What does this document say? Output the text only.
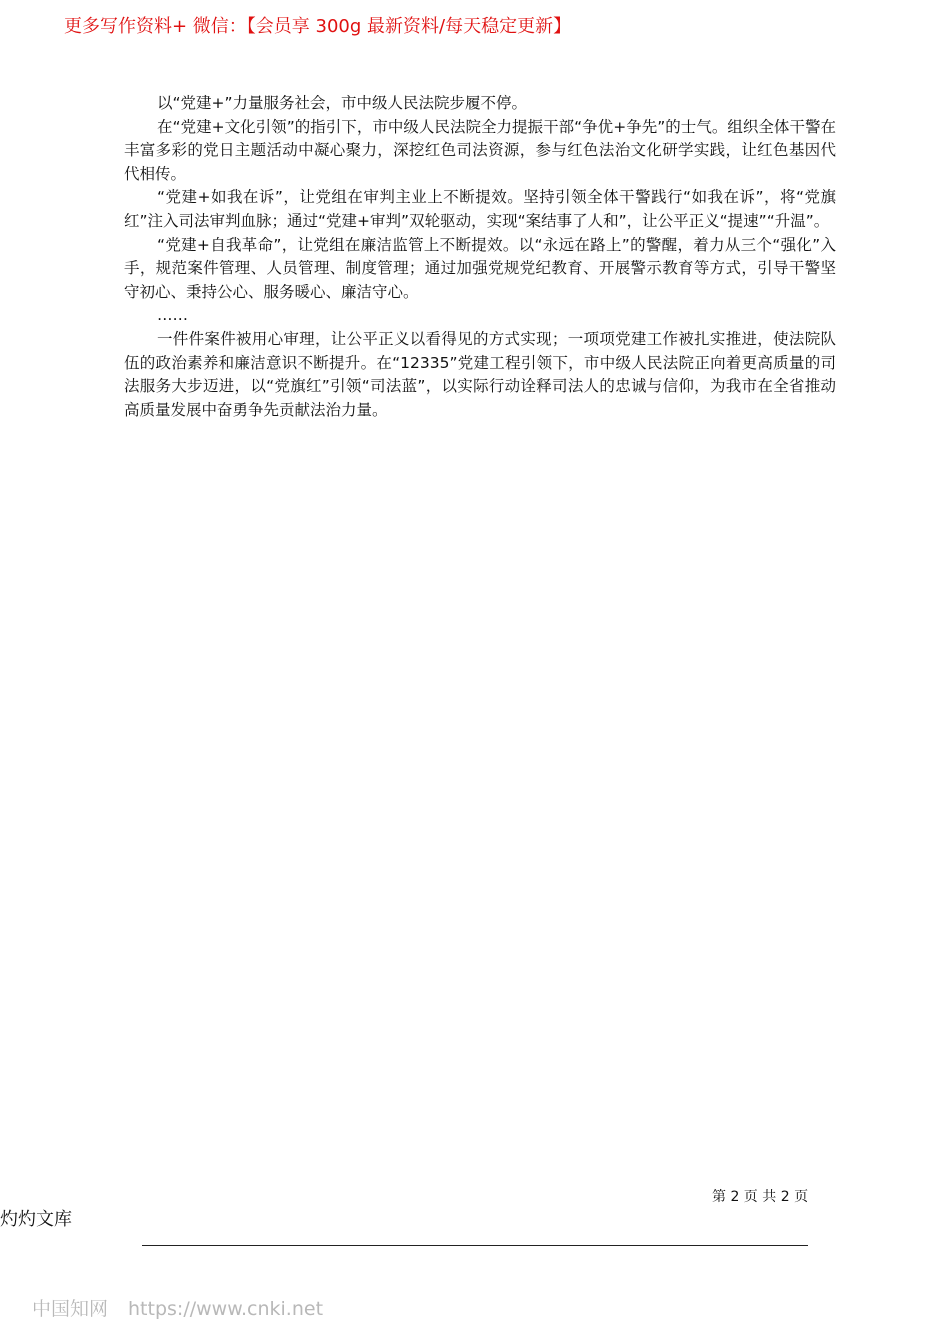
更多写作资料+ 微信：【会员享 300g 最新资料/每天稳定更新】

以“党建+”力量服务社会，市中级人民法院步履不停。

在“党建+文化引领”的指引下，市中级人民法院全力提振干部“争优+争先”的士气。组织全体干警在丰富多彩的党日主题活动中凝心聚力，深挖红色司法资源，参与红色法治文化研学实践，让红色基因代代相传。

“党建+如我在诉”，让党组在审判主业上不断提效。坚持引领全体干警践行“如我在诉”，将“党旗红”注入司法审判血脉；通过“党建+审判”双轮驱动，实现“案结事了人和”，让公平正义“提速”“升温”。

“党建+自我革命”，让党组在廉洁监管上不断提效。以“永远在路上”的警醒，着力从三个“强化”入手，规范案件管理、人员管理、制度管理；通过加强党规党纪教育、开展警示教育等方式，引导干警坚守初心、秉持公心、服务暖心、廉洁守心。

……

一件件案件被用心审理，让公平正义以看得见的方式实现；一项项党建工作被扎实推进，使法院队伍的政治素养和廉洁意识不断提升。在“12335”党建工程引领下，市中级人民法院正向着更高质量的司法服务大步迈进，以“党旗红”引领“司法蓝”，以实际行动诠释司法人的忠诚与信仰，为我市在全省推动高质量发展中奋勇争先贡献法治力量。

第 2 页 共 2 页
灼灼文库
中国知网 https://www.cnki.net
